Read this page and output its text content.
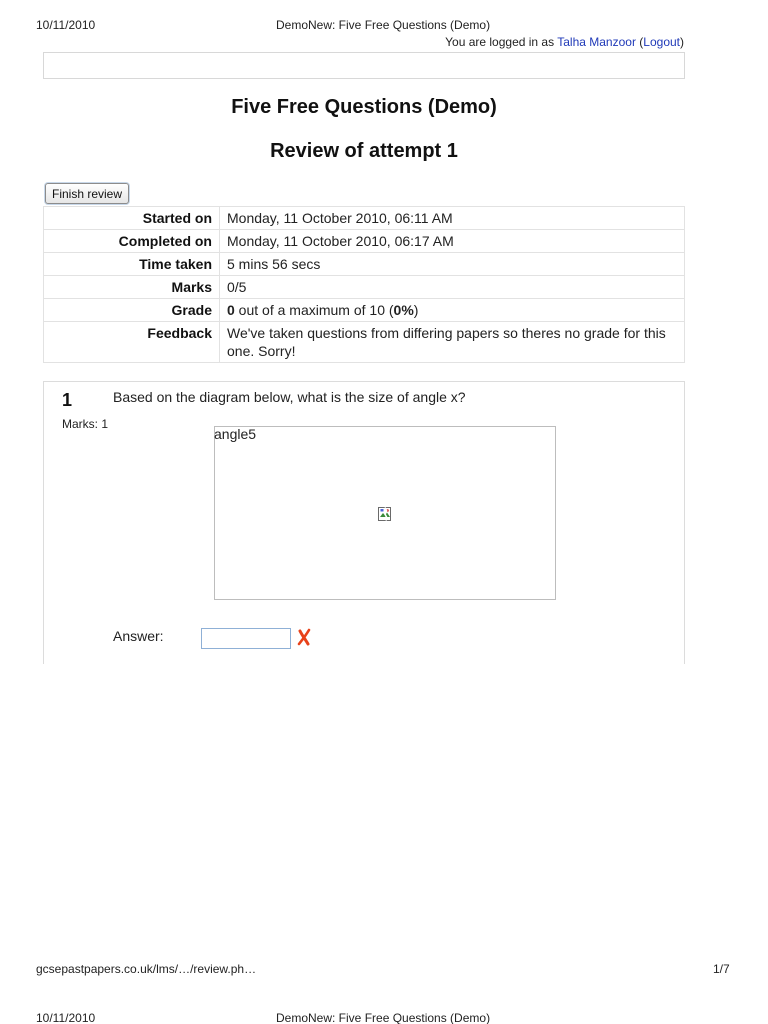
10/11/2010	DemoNew: Five Free Questions (Demo)
You are logged in as Talha Manzoor (Logout)
Five Free Questions (Demo)
Review of attempt 1
Finish review
Started on	Monday, 11 October 2010, 06:11 AM
Completed on	Monday, 11 October 2010, 06:17 AM
Time taken	5 mins 56 secs
Marks	0/5
Grade	0 out of a maximum of 10 (0%)
Feedback	We've taken questions from differing papers so theres no grade for this one. Sorry!
1
Marks: 1
Based on the diagram below, what is the size of angle x?
angle5
Answer:
gcsepastpapers.co.uk/lms/…/review.ph…	1/7
10/11/2010	DemoNew: Five Free Questions (Demo)
